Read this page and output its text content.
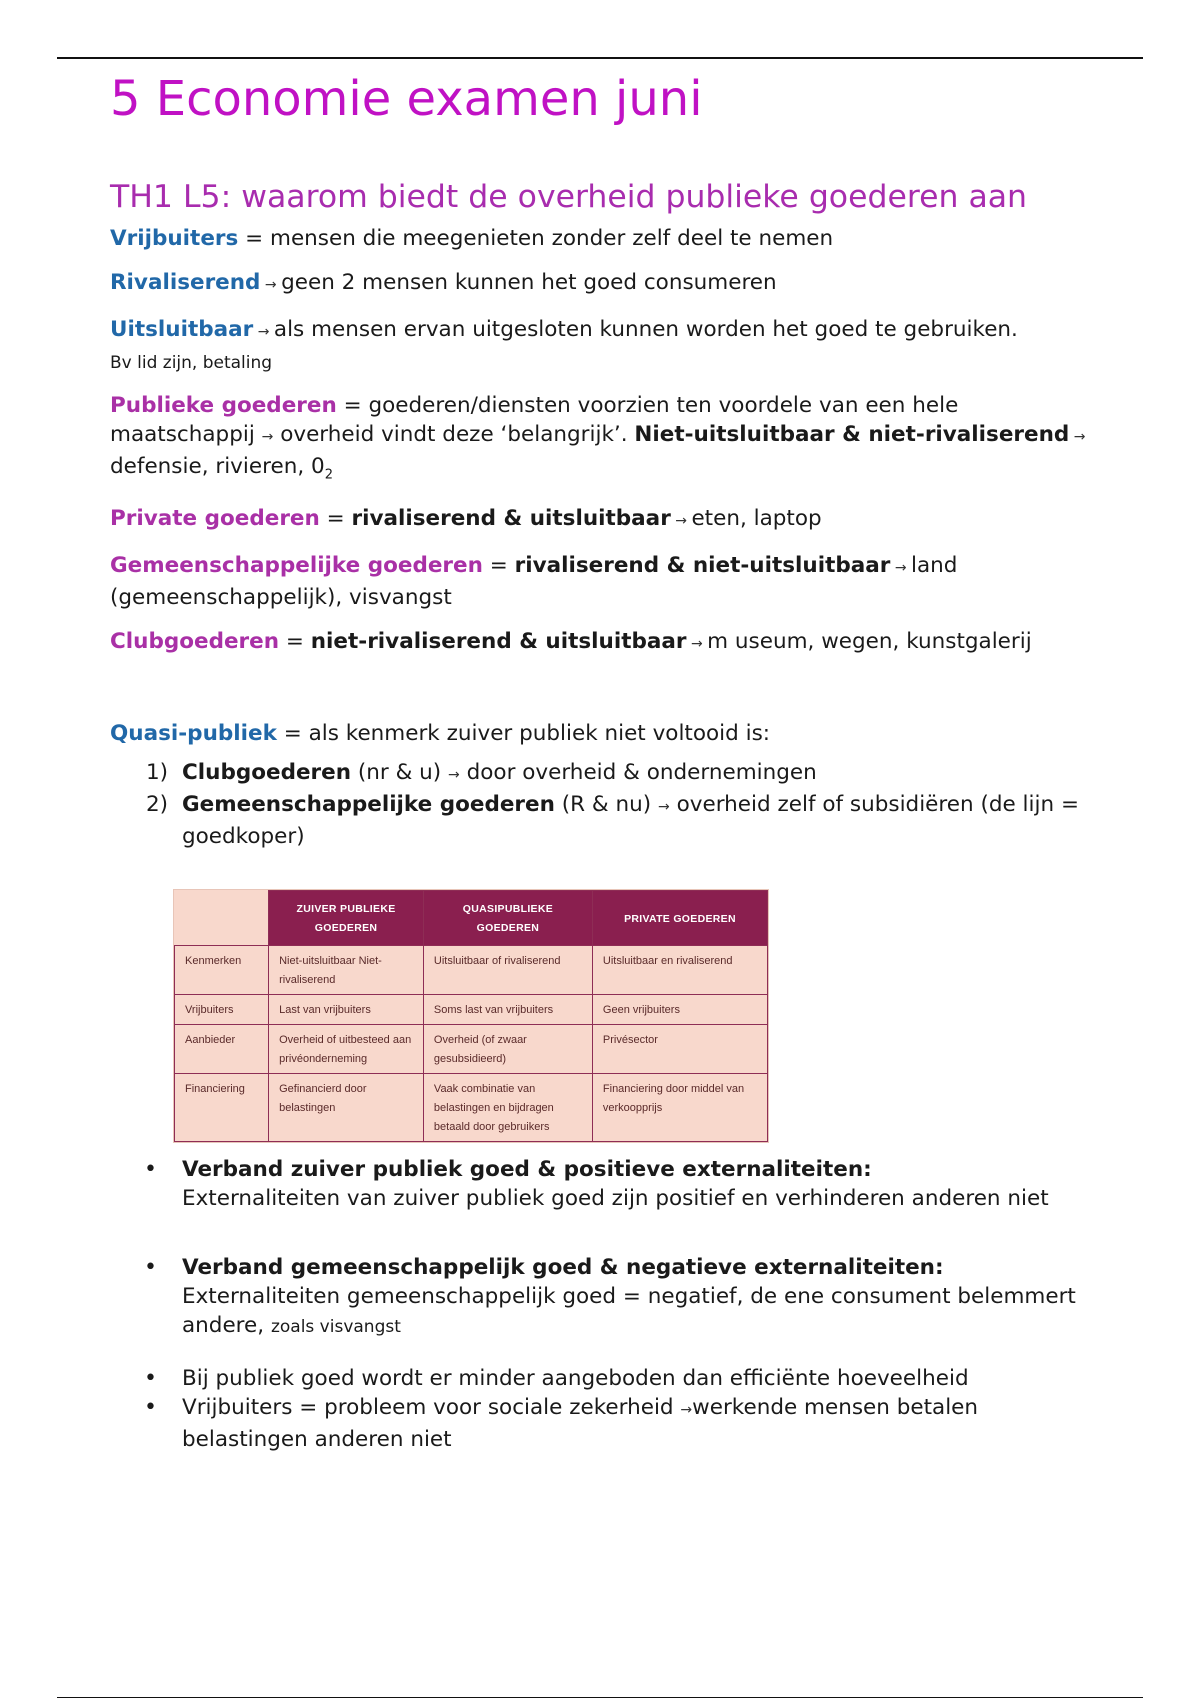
5 Economie examen juni
TH1 L5: waarom biedt de overheid publieke goederen aan

Vrijbuiters = mensen die meegenieten zonder zelf deel te nemen

Rivaliserend → geen 2 mensen kunnen het goed consumeren

Uitsluitbaar → als mensen ervan uitgesloten kunnen worden het goed te gebruiken.
Bv lid zijn, betaling

Publieke goederen = goederen/diensten voorzien ten voordele van een hele maatschappij → overheid vindt deze ‘belangrijk’. Niet-uitsluitbaar & niet-rivaliserend → defensie, rivieren, $0_2$

Private goederen = rivaliserend & uitsluitbaar → eten, laptop

Gemeenschappelijke goederen = rivaliserend & niet-uitsluitbaar → land (gemeenschappelijk), visvangst

Clubgoederen = niet-rivaliserend & uitsluitbaar → m useum, wegen, kunstgalerij

Quasi-publiek = als kenmerk zuiver publiek niet voltooid is:

1) Clubgoederen (nr & u) → door overheid & ondernemingen
2) Gemeenschappelijke goederen (R & nu) → overheid zelf of subsidiëren (de lijn = goedkoper)
	ZUIVER PUBLIEKE GOEDEREN	QUASIPUBLIEKE GOEDEREN	PRIVATE GOEDEREN
Kenmerken	Niet-uitsluitbaar Niet-rivaliserend	Uitsluitbaar of rivaliserend	Uitsluitbaar en rivaliserend
Vrijbuiters	Last van vrijbuiters	Soms last van vrijbuiters	Geen vrijbuiters
Aanbieder	Overheid of uitbesteed aan privéonderneming	Overheid (of zwaar gesubsidieerd)	Privésector
Financiering	Gefinancierd door belastingen	Vaak combinatie van belastingen en bijdragen betaald door gebruikers	Financiering door middel van verkoopprijs
• Verband zuiver publiek goed & positieve externaliteiten:
Externaliteiten van zuiver publiek goed zijn positief en verhinderen anderen niet
• Verband gemeenschappelijk goed & negatieve externaliteiten:
Externaliteiten gemeenschappelijk goed = negatief, de ene consument belemmert andere, zoals visvangst
• Bij publiek goed wordt er minder aangeboden dan efficiënte hoeveelheid
• Vrijbuiters = probleem voor sociale zekerheid →werkende mensen betalen belastingen anderen niet
